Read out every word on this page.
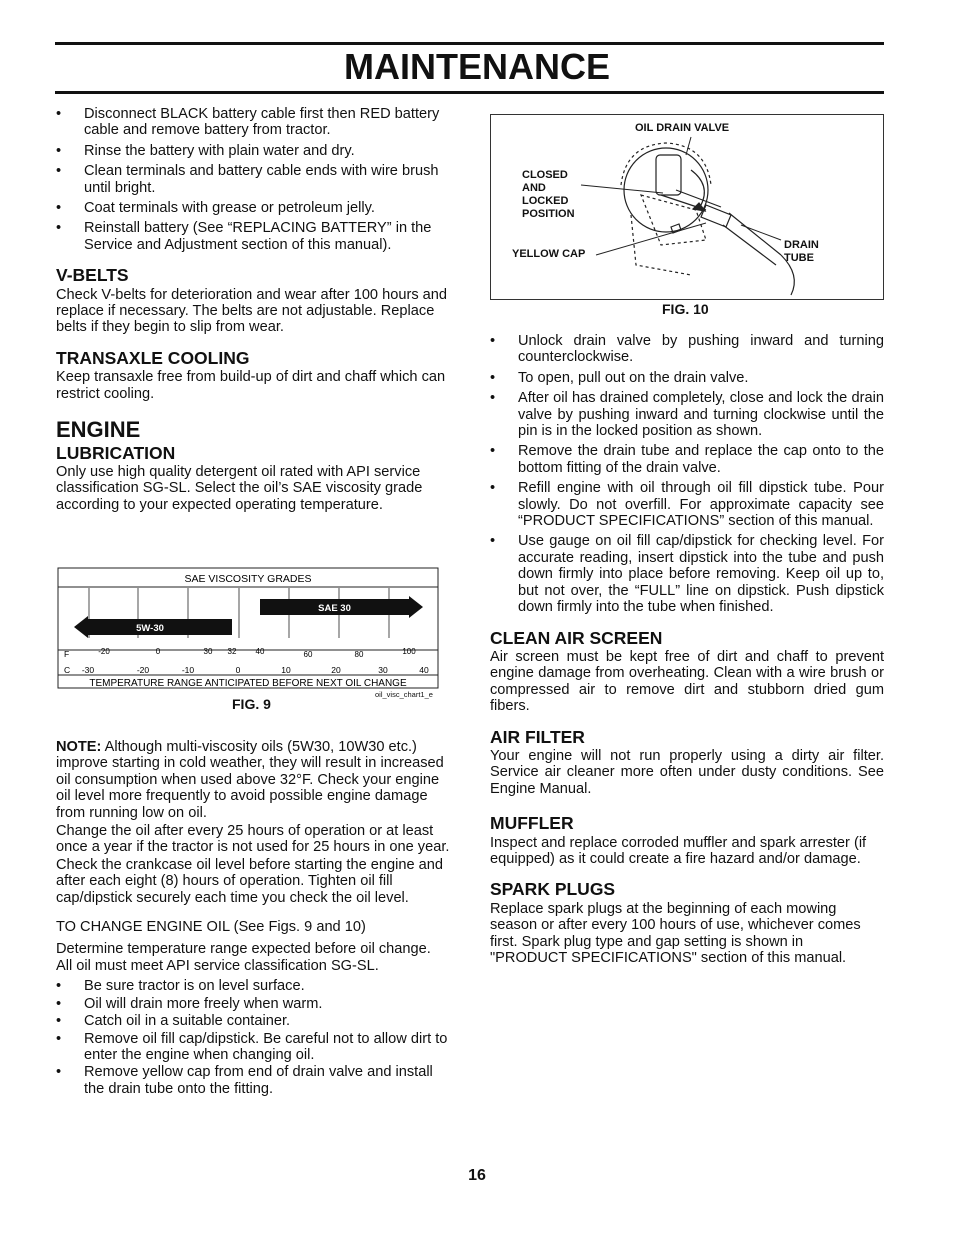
MAINTENANCE
• Disconnect BLACK battery cable first then RED battery cable and remove battery from tractor.
• Rinse the battery with plain water and dry.
• Clean terminals and battery cable ends with wire brush until bright.
• Coat terminals with grease or petroleum jelly.
• Reinstall battery (See “REPLACING BATTERY” in the Service and Adjustment section of this manual).
V-BELTS

Check V-belts for deterioration and wear after 100 hours and replace if necessary. The belts are not adjustable. Replace belts if they begin to slip from wear.

TRANSAXLE COOLING

Keep transaxle free from build-up of dirt and chaff which can restrict cooling.

ENGINE
LUBRICATION

Only use high quality detergent oil rated with API service classification SG-SL. Select the oil’s SAE viscosity grade according to your expected operating temperature.

SAE VISCOSITY GRADES
TEMPERATURE RANGE ANTICIPATED BEFORE NEXT OIL CHANGE
F
C
5W-30
SAE 30
-20	0	30 32 40	60	80	100
-30	-20	-10	0	10	20	30	40
oil_visc_chart1_e
FIG. 9

NOTE: Although multi-viscosity oils (5W30, 10W30 etc.) improve starting in cold weather, they will result in increased oil consumption when used above 32°F. Check your engine oil level more frequently to avoid possible engine damage from running low on oil.

Change the oil after every 25 hours of operation or at least once a year if the tractor is not used for 25 hours in one year.

Check the crankcase oil level before starting the engine and after each eight (8) hours of operation. Tighten oil fill cap/dipstick securely each time you check the oil level.

TO CHANGE ENGINE OIL (See Figs. 9 and 10)

Determine temperature range expected before oil change. All oil must meet API service classification SG-SL.

• Be sure tractor is on level surface.
• Oil will drain more freely when warm.
• Catch oil in a suitable container.
• Remove oil fill cap/dipstick. Be careful not to allow dirt to enter the engine when changing oil.
• Remove yellow cap from end of drain valve and install the drain tube onto the fitting.
OIL DRAIN VALVE
CLOSED
AND
LOCKED
POSITION
YELLOW CAP
DRAIN
TUBE
FIG. 10
• Unlock drain valve by pushing inward and turning counterclockwise.
• To open, pull out on the drain valve.
• After oil has drained completely, close and lock the drain valve by pushing inward and turning clockwise until the pin is in the locked position as shown.
• Remove the drain tube and replace the cap onto to the bottom fitting of the drain valve.
• Refill engine with oil through oil fill dipstick tube. Pour slowly. Do not overfill. For approximate capacity see “PRODUCT SPECIFICATIONS” section of this manual.
• Use gauge on oil fill cap/dipstick for checking level. For accurate reading, insert dipstick into the tube and push down firmly into place before removing. Keep oil up to, but not over, the “FULL” line on dipstick. Push dipstick down firmly into the tube when finished.
CLEAN AIR SCREEN

Air screen must be kept free of dirt and chaff to prevent engine damage from overheating. Clean with a wire brush or compressed air to remove dirt and stubborn dried gum fibers.

AIR FILTER

Your engine will not run properly using a dirty air filter. Service air cleaner more often under dusty conditions. See Engine Manual.

MUFFLER

Inspect and replace corroded muffler and spark arrester (if equipped) as it could create a fire hazard and/or damage.

SPARK PLUGS

Replace spark plugs at the beginning of each mowing season or after every 100 hours of use, whichever comes first. Spark plug type and gap setting is shown in "PRODUCT SPECIFICATIONS" section of this manual.

16
